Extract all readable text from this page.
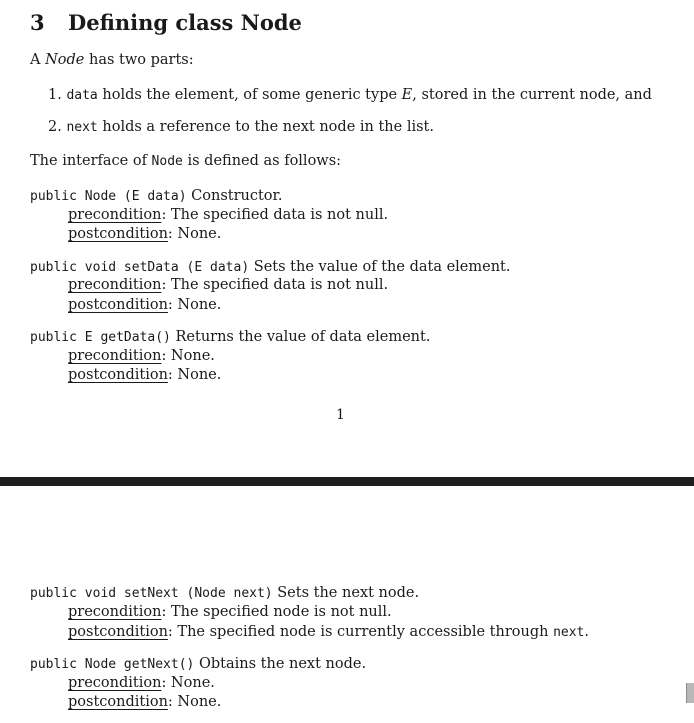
3 Defining class Node
A Node has two parts:
1. data holds the element, of some generic type E, stored in the current node, and
2. next holds a reference to the next node in the list.
The interface of Node is defined as follows:
public Node (E data) Constructor.
precondition: The specified data is not null.
postcondition: None.
public void setData (E data) Sets the value of the data element.
precondition: The specified data is not null.
postcondition: None.
public E getData() Returns the value of data element.
precondition: None.
postcondition: None.
1
public void setNext (Node next) Sets the next node.
precondition: The specified node is not null.
postcondition: The specified node is currently accessible through next.
public Node getNext() Obtains the next node.
precondition: None.
postcondition: None.
